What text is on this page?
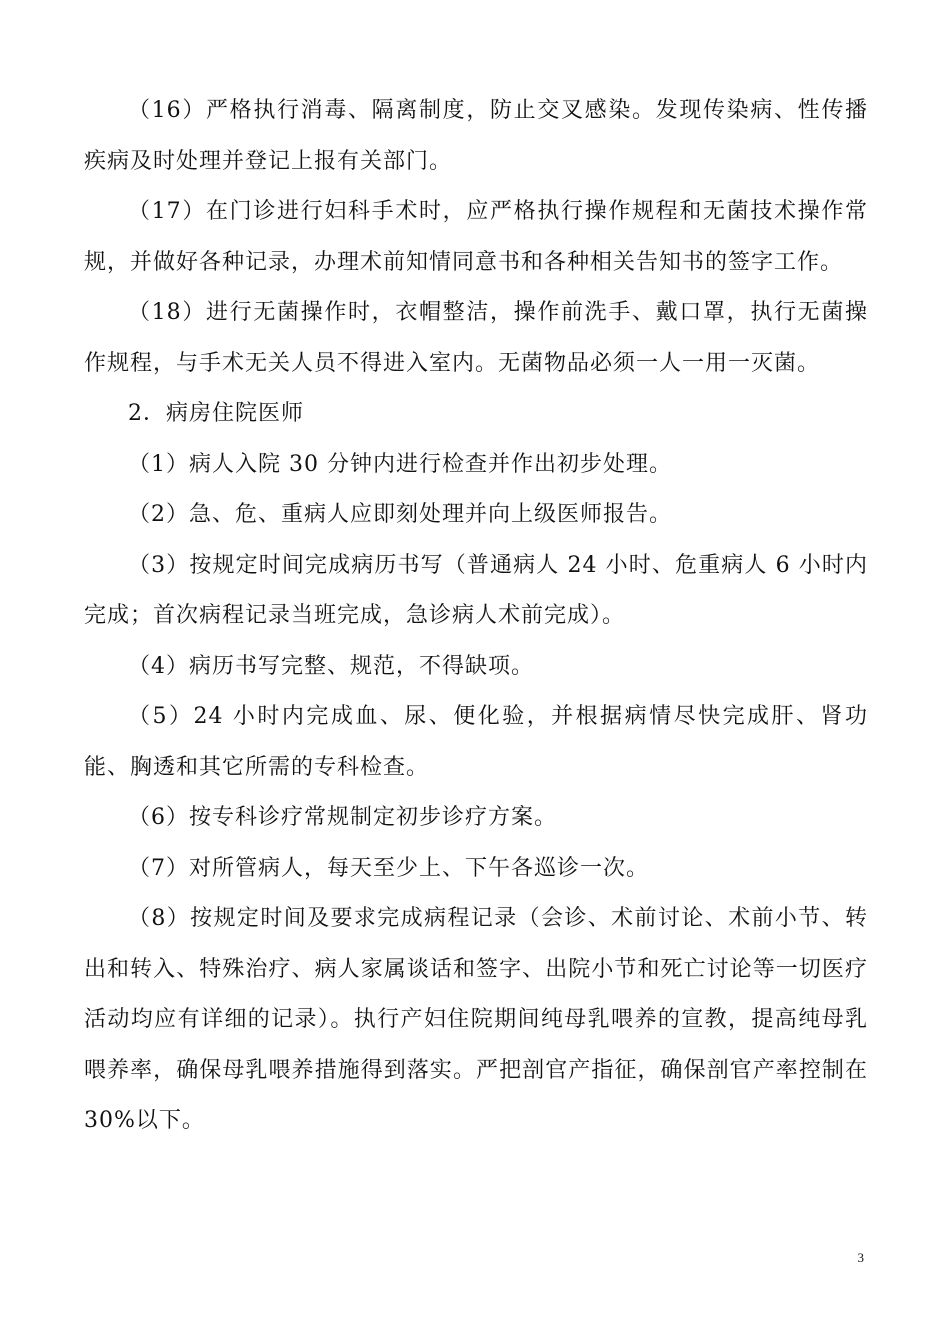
（16）严格执行消毒、隔离制度，防止交叉感染。发现传染病、性传播疾病及时处理并登记上报有关部门。

（17）在门诊进行妇科手术时，应严格执行操作规程和无菌技术操作常规，并做好各种记录，办理术前知情同意书和各种相关告知书的签字工作。

（18）进行无菌操作时，衣帽整洁，操作前洗手、戴口罩，执行无菌操作规程，与手术无关人员不得进入室内。无菌物品必须一人一用一灭菌。

2．病房住院医师

（1）病人入院 30 分钟内进行检查并作出初步处理。

（2）急、危、重病人应即刻处理并向上级医师报告。

（3）按规定时间完成病历书写（普通病人 24 小时、危重病人 6 小时内完成；首次病程记录当班完成，急诊病人术前完成）。

（4）病历书写完整、规范，不得缺项。

（5）24 小时内完成血、尿、便化验，并根据病情尽快完成肝、肾功能、胸透和其它所需的专科检查。

（6）按专科诊疗常规制定初步诊疗方案。

（7）对所管病人，每天至少上、下午各巡诊一次。

（8）按规定时间及要求完成病程记录（会诊、术前讨论、术前小节、转出和转入、特殊治疗、病人家属谈话和签字、出院小节和死亡讨论等一切医疗活动均应有详细的记录）。执行产妇住院期间纯母乳喂养的宣教，提高纯母乳喂养率，确保母乳喂养措施得到落实。严把剖官产指征，确保剖官产率控制在 30%以下。

3
